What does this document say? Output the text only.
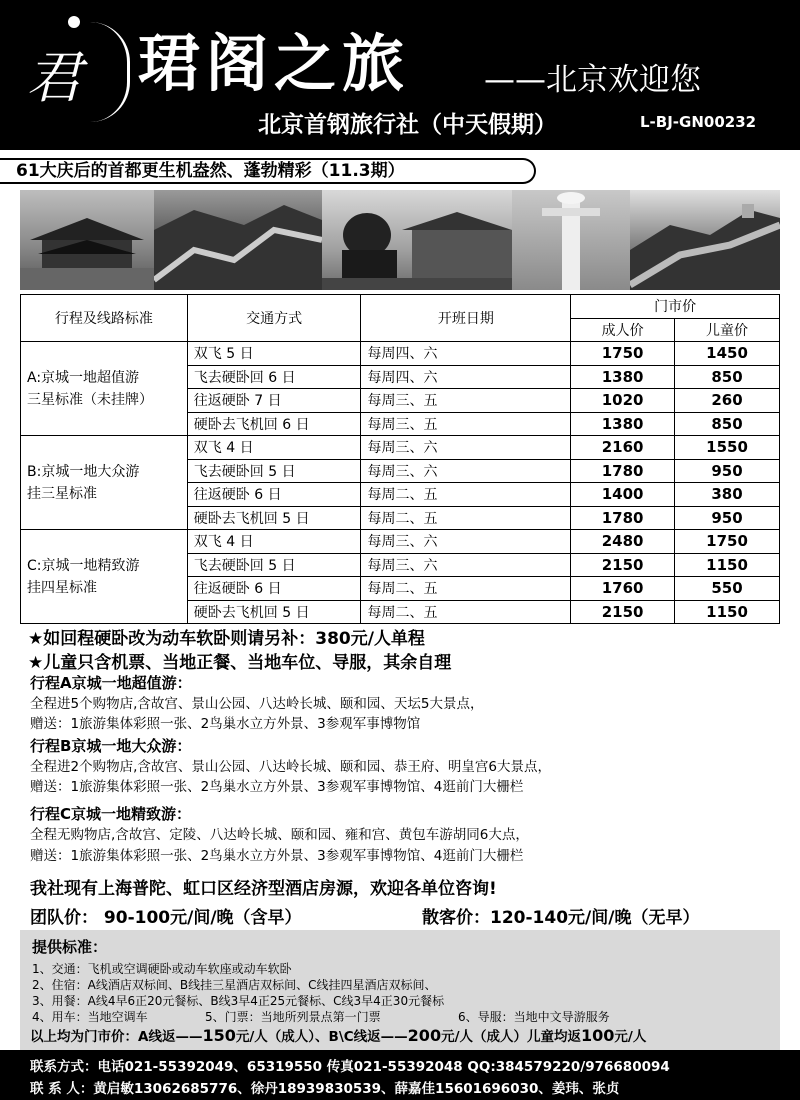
君 珺阁之旅 ——北京欢迎您
北京首钢旅行社（中天假期）	L-BJ-GN00232
61大庆后的首都更生机盎然、蓬勃精彩（11.3期）
行程及线路标准	交通方式	开班日期	门市价	
			成人价	儿童价
A:京城一地超值游
三星标准（未挂牌）	双飞 5 日	每周四、六	1750	1450
	飞去硬卧回 6 日	每周四、六	1380	850
	往返硬卧 7 日	每周三、五	1020	260
	硬卧去飞机回 6 日	每周三、五	1380	850
B:京城一地大众游
挂三星标准	双飞 4 日	每周三、六	2160	1550
	飞去硬卧回 5 日	每周三、六	1780	950
	往返硬卧 6 日	每周二、五	1400	380
	硬卧去飞机回 5 日	每周二、五	1780	950
C:京城一地精致游
挂四星标准	双飞 4 日	每周三、六	2480	1750
	飞去硬卧回 5 日	每周三、六	2150	1150
	往返硬卧 6 日	每周二、五	1760	550
	硬卧去飞机回 5 日	每周二、五	2150	1150
★如回程硬卧改为动车软卧则请另补：380元/人单程
★儿童只含机票、当地正餐、当地车位、导服，其余自理
行程A京城一地超值游：
全程进5个购物店,含故宫、景山公园、八达岭长城、颐和园、天坛5大景点，
赠送：1旅游集体彩照一张、2鸟巢水立方外景、3参观军事博物馆
行程B京城一地大众游：
全程进2个购物店,含故宫、景山公园、八达岭长城、颐和园、恭王府、明皇宫6大景点，
赠送：1旅游集体彩照一张、2鸟巢水立方外景、3参观军事博物馆、4逛前门大栅栏
行程C京城一地精致游：
全程无购物店,含故宫、定陵、八达岭长城、颐和园、雍和宫、黄包车游胡同6大点，
赠送：1旅游集体彩照一张、2鸟巢水立方外景、3参观军事博物馆、4逛前门大栅栏
我社现有上海普陀、虹口区经济型酒店房源，欢迎各单位咨询!
团队价： 90-100元/间/晚（含早）	散客价：120-140元/间/晚（无早）
提供标准：
1、交通：飞机或空调硬卧或动车软座或动车软卧
2、住宿：A线酒店双标间、B线挂三星酒店双标间、C线挂四星酒店双标间、
3、用餐：A线4早6正20元餐标、B线3早4正25元餐标、C线3早4正30元餐标
4、用车：当地空调车	5、门票：当地所列景点第一门票	6、导服：当地中文导游服务
以上均为门市价：A线返——150元/人（成人）、B\C线返——200元/人（成人）儿童均返100元/人
联系方式：电话021-55392049、65319550 传真021-55392048 QQ:384579220/976680094
联 系 人：黄启敏13062685776、徐丹18939830539、薛嘉佳15601696030、姜玮、张贞
